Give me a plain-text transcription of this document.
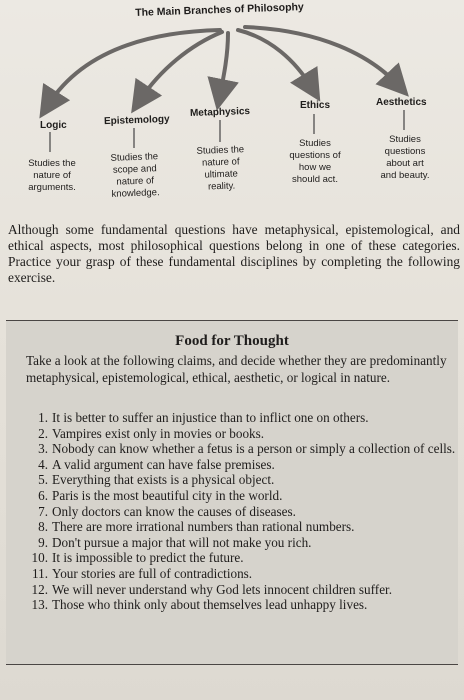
The Main Branches of Philosophy
Logic	Epistemology
Metaphysics
Ethics	Aesthetics
Studies the
nature of
arguments.
Studies the
scope and
nature of
knowledge.
Studies the
nature of
ultimate
reality.
Studies
questions of
how we
should act.
Studies
questions
about art
and beauty.
Although some fundamental questions have metaphysical, epistemological, and ethical aspects, most philosophical questions belong in one of these categories. Practice your grasp of these fundamental disciplines by completing the following exercise.
Food for Thought
Take a look at the following claims, and decide whether they are predominantly metaphysical, epistemological, ethical, aesthetic, or logical in nature.
1. It is better to suffer an injustice than to inflict one on others.
2. Vampires exist only in movies or books.
3. Nobody can know whether a fetus is a person or simply a collection of cells.
4. A valid argument can have false premises.
5. Everything that exists is a physical object.
6. Paris is the most beautiful city in the world.
7. Only doctors can know the causes of diseases.
8. There are more irrational numbers than rational numbers.
9. Don't pursue a major that will not make you rich.
10. It is impossible to predict the future.
11. Your stories are full of contradictions.
12. We will never understand why God lets innocent children suffer.
13. Those who think only about themselves lead unhappy lives.
